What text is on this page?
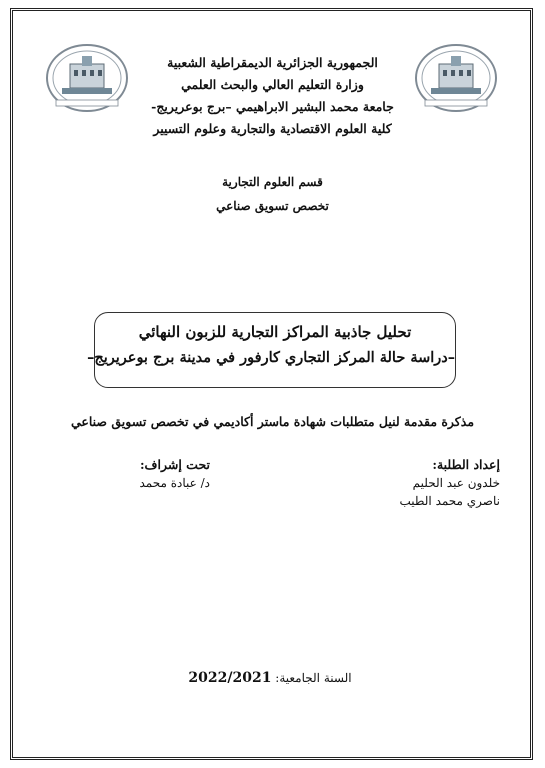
الجمهورية الجزائرية الديمقراطية الشعبية
وزارة التعليم العالي والبحث العلمي
جامعة محمد البشير الابراهيمي –برج بوعريريج-
كلية العلوم الاقتصادية والتجارية وعلوم التسيير
قسم العلوم التجارية
تخصص تسويق صناعي
تحليل جاذبية المراكز التجارية للزبون النهائي
–دراسة حالة المركز التجاري كارفور في مدينة برج بوعريريج–
مذكرة مقدمة لنيل متطلبات شهادة ماستر أكاديمي في تخصص تسويق صناعي
إعداد الطلبة:
خلدون عبد الحليم
ناصري محمد الطيب
تحت إشراف:
د/ عبادة محمد
السنة الجامعية: 2022/2021
